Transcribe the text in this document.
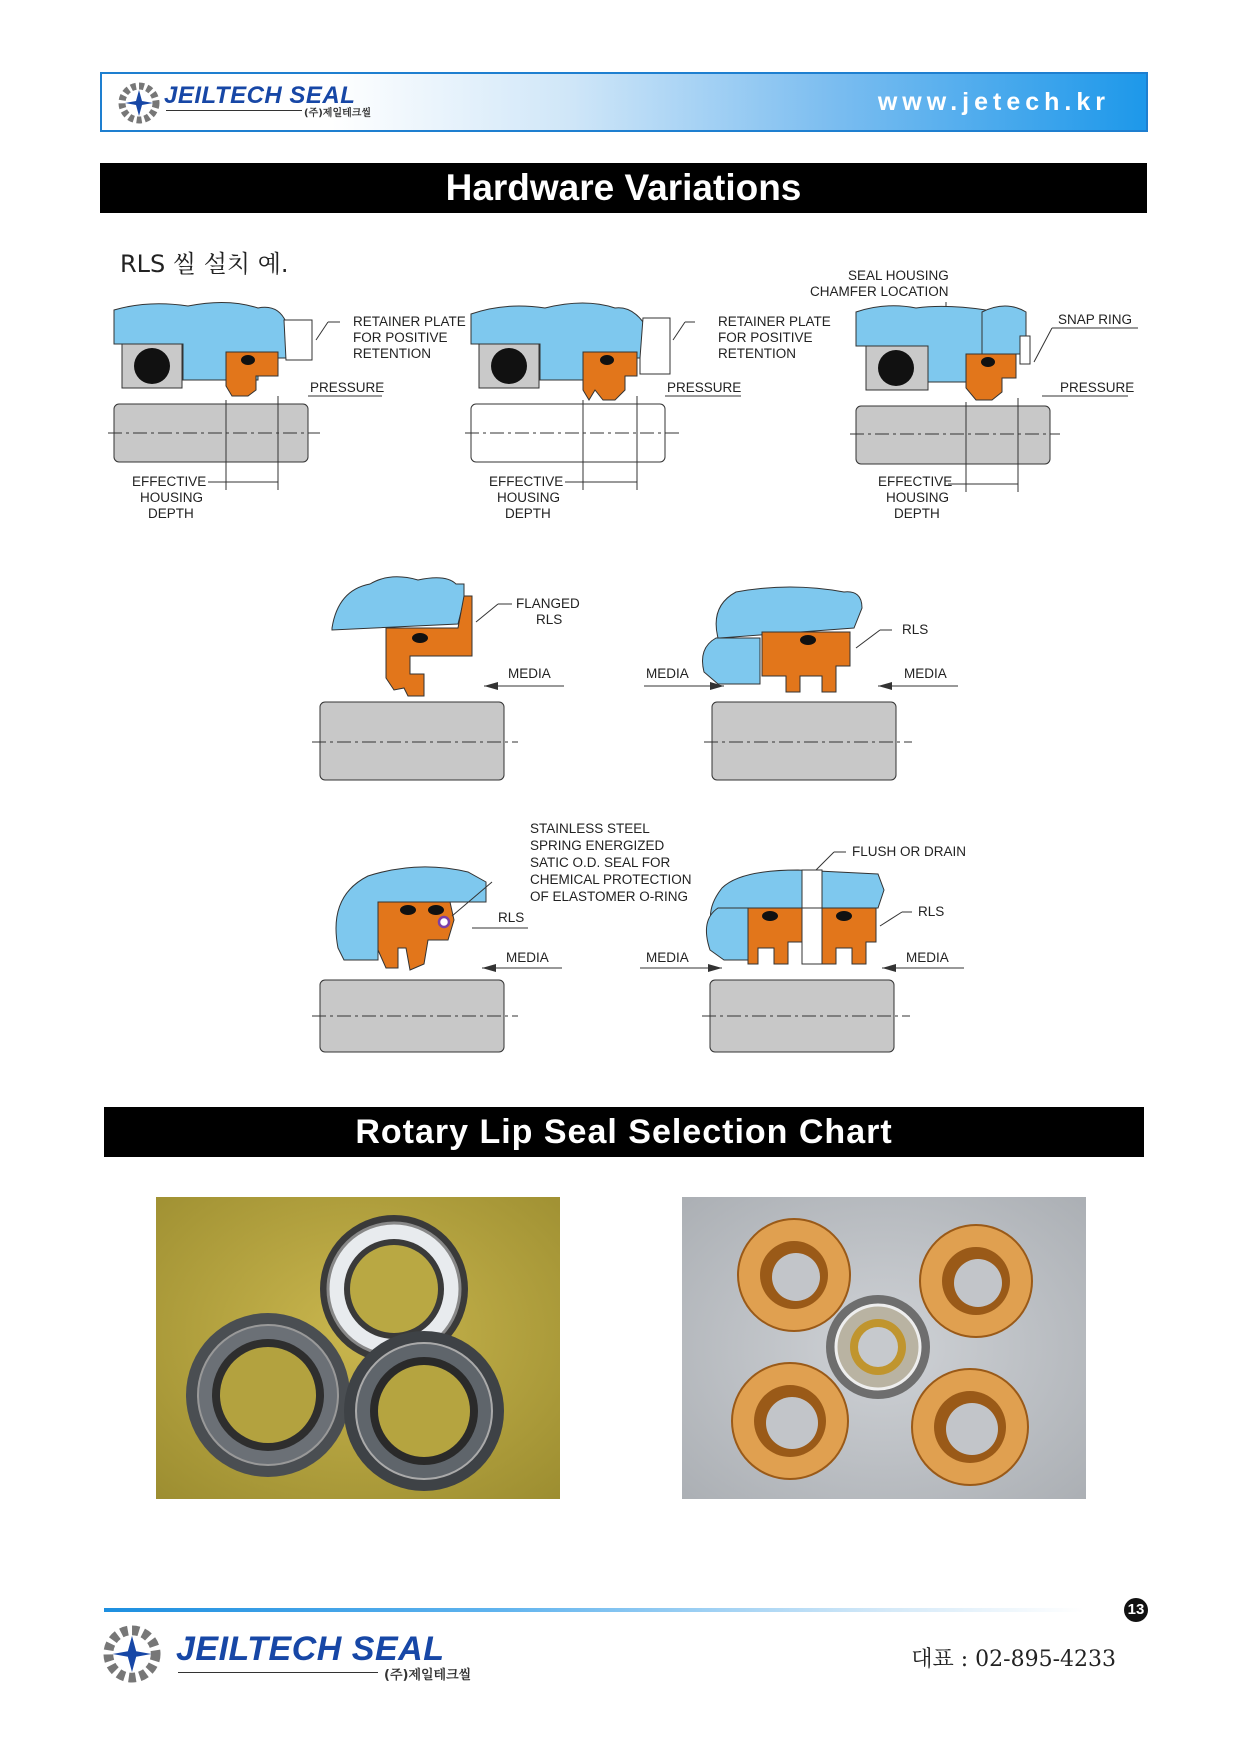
JEILTECH SEAL
(주)제일테크씰	www.jetech.kr
Hardware Variations
RLS 씰 설치 예.
RETAINER PLATE
FOR POSITIVE
RETENTION
PRESSURE
EFFECTIVE
HOUSING
DEPTH
RETAINER PLATE
FOR POSITIVE
RETENTION
PRESSURE
EFFECTIVE
HOUSING
DEPTH
SEAL HOUSING
CHAMFER LOCATION
SNAP RING
PRESSURE
EFFECTIVE
HOUSING
DEPTH
FLANGED
RLS
MEDIA
RLS
MEDIA	MEDIA
STAINLESS STEEL
SPRING ENERGIZED
SATIC O.D. SEAL FOR
CHEMICAL PROTECTION
OF ELASTOMER O-RING
RLS
MEDIA
FLUSH OR DRAIN
RLS
MEDIA	MEDIA
Rotary Lip Seal Selection Chart
13
JEILTECH SEAL
(주)제일테크씰
대표 : 02-895-4233
